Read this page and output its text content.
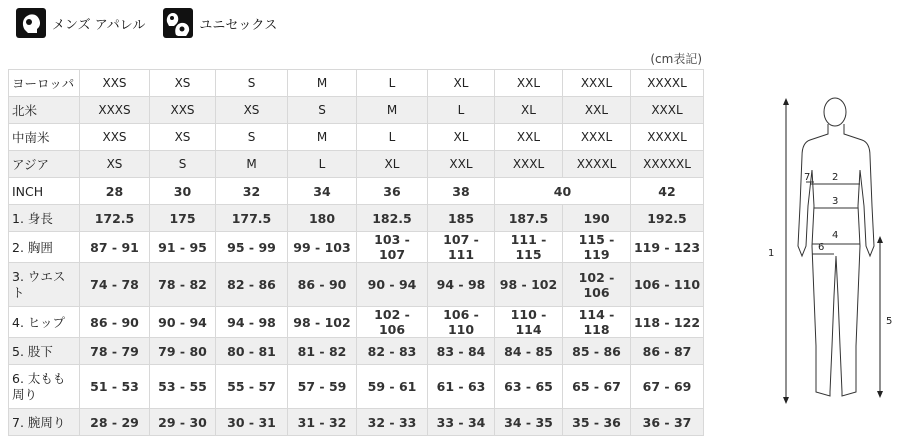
メンズ アパレル	ユニセックス
(cm表記)
ヨーロッパ	XXS	XS	S	M	L	XL	XXL	XXXL	XXXXL
北米	XXXS	XXS	XS	S	M	L	XL	XXL	XXXL
中南米	XXS	XS	S	M	L	XL	XXL	XXXL	XXXXL
アジア	XS	S	M	L	XL	XXL	XXXL	XXXXL	XXXXXL
INCH	28	30	32	34	36	38	40		42
1. 身長	172.5	175	177.5	180	182.5	185	187.5	190	192.5
2. 胸囲	87 - 91	91 - 95	95 - 99	99 - 103	103 - 107	107 - 111	111 - 115	115 - 119	119 - 123
3. ウエスト	74 - 78	78 - 82	82 - 86	86 - 90	90 - 94	94 - 98	98 - 102	102 - 106	106 - 110
4. ヒップ	86 - 90	90 - 94	94 - 98	98 - 102	102 - 106	106 - 110	110 - 114	114 - 118	118 - 122
5. 股下	78 - 79	79 - 80	80 - 81	81 - 82	82 - 83	83 - 84	84 - 85	85 - 86	86 - 87
6. 太もも周り	51 - 53	53 - 55	55 - 57	57 - 59	59 - 61	61 - 63	63 - 65	65 - 67	67 - 69
7. 腕周り	28 - 29	29 - 30	30 - 31	31 - 32	32 - 33	33 - 34	34 - 35	35 - 36	36 - 37
1
5
7 2
3
4
6
